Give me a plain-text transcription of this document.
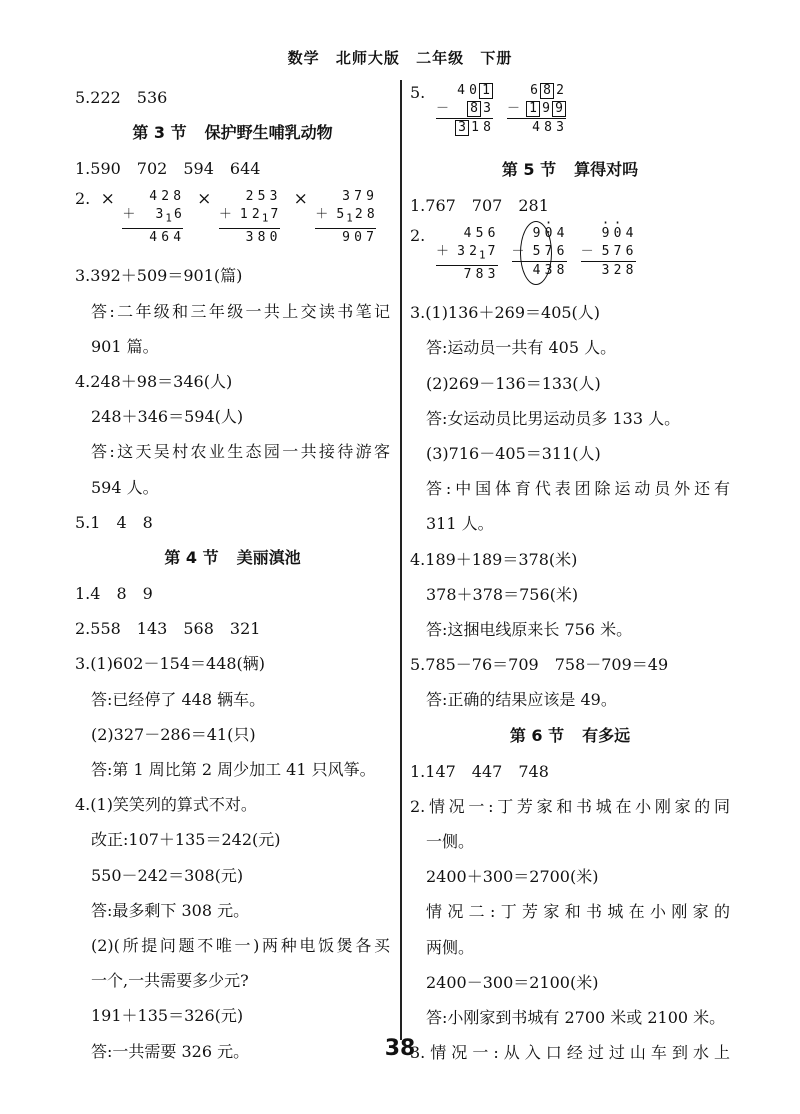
数学 北师大版 二年级 下册
5.222　536
第 3 节 保护野生哺乳动物
1.590　702　594　644
2. ×	4 2 8
＋	3 $_1$ 6
4 6 4
×	2 5 3
＋ 1 2 $_1$ 7
3 8 0
×	3 7 9
＋ 5 $_1$ 2 8
9 0 7
3.392＋509＝901(篇)
答:二年级和三年级一共上交读书笔记
901 篇。
4.248＋98＝346(人)
248＋346＝594(人)
答:这天吴村农业生态园一共接待游客
594 人。
5.1　4　8
第 4 节 美丽滇池
1.4　8　9
2.558　143　568　321
3.(1)602－154＝448(辆)
答:已经停了 448 辆车。
(2)327－286＝41(只)
答:第 1 周比第 2 周少加工 41 只风筝。
4.(1)笑笑列的算式不对。
改正:107＋135＝242(元)
550－242＝308(元)
答:最多剩下 308 元。
(2)(所提问题不唯一)两种电饭煲各买
一个,一共需要多少元?
191＋135＝326(元)
答:一共需要 326 元。
5.	4 0 1
－	8 3
3 1 8
6 8 2
－ 1 9 9
4 8 3
第 5 节 算得对吗
1.767　707　281
2.	4 5 6
＋ 3 2 $_1$ 7
7 8 3
9 · 0 4
－ 5 7 6
4 3 8
· 9 · 0 4
－ 5 7 6
3 2 8
3.(1)136＋269＝405(人)
答:运动员一共有 405 人。
(2)269－136＝133(人)
答:女运动员比男运动员多 133 人。
(3)716－405＝311(人)
答:中国体育代表团除运动员外还有
311 人。
4.189＋189＝378(米)
378＋378＝756(米)
答:这捆电线原来长 756 米。
5.785－76＝709　758－709＝49
答:正确的结果应该是 49。
第 6 节 有多远
1.147　447　748
2.情况一:丁芳家和书城在小刚家的同
一侧。
2400＋300＝2700(米)
情况二:丁芳家和书城在小刚家的
两侧。
2400－300＝2100(米)
答:小刚家到书城有 2700 米或 2100 米。
3.情况一:从入口经过过山车到水上
38
